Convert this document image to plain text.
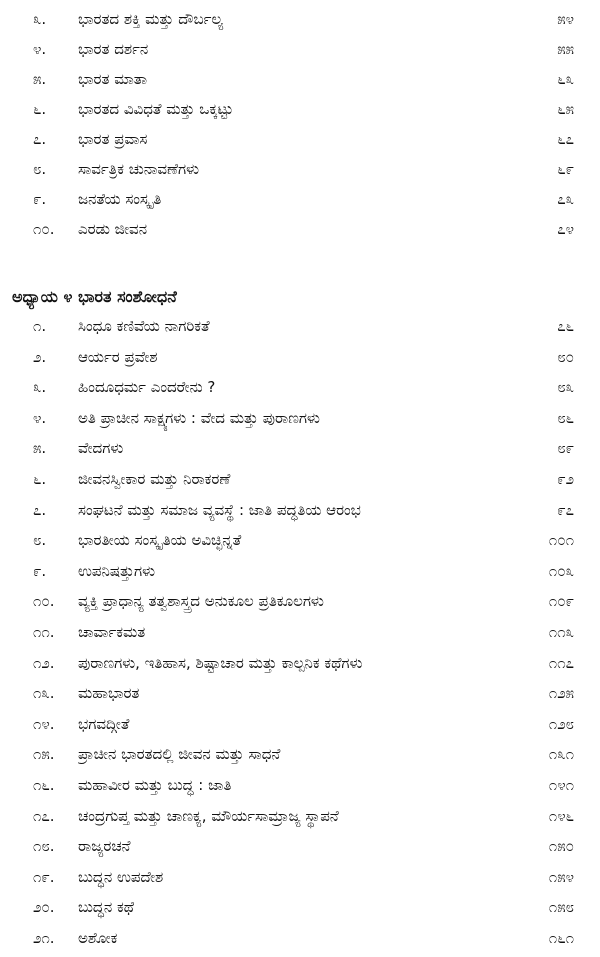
೩.	ಭಾರತದ ಶಕ್ತಿ ಮತ್ತು ದೌರ್ಬಲ್ಯ	೫೪
೪.	ಭಾರತ ದರ್ಶನ	೫೫
೫.	ಭಾರತ ಮಾತಾ	೬೩
೬.	ಭಾರತದ ವಿವಿಧತೆ ಮತ್ತು ಒಕ್ಕಟ್ಟು	೬೫
೭.	ಭಾರತ ಪ್ರವಾಸ	೬೭
೮.	ಸಾರ್ವತ್ರಿಕ ಚುನಾವಣೆಗಳು	೬೯
೯.	ಜನತೆಯ ಸಂಸ್ಕೃತಿ	೭೩
೧೦.	ಎರಡು ಜೀವನ	೭೪
ಅಧ್ಯಾಯ ೪ ಭಾರತ ಸಂಶೋಧನೆ
೧.	ಸಿಂಧೂ ಕಣಿವೆಯ ನಾಗರಿಕತೆ	೭೬
೨.	ಆರ್ಯರ ಪ್ರವೇಶ	೮೦
೩.	ಹಿಂದೂಧರ್ಮ ಎಂದರೇನು ?	೮೩
೪.	ಅತಿ ಪ್ರಾಚೀನ ಸಾಕ್ಷ್ಯಗಳು : ವೇದ ಮತ್ತು ಪುರಾಣಗಳು	೮೬
೫.	ವೇದಗಳು	೮೯
೬.	ಜೀವನಸ್ವೀಕಾರ ಮತ್ತು ನಿರಾಕರಣೆ	೯೨
೭.	ಸಂಘಟನೆ ಮತ್ತು ಸಮಾಜ ವ್ಯವಸ್ಥೆ : ಜಾತಿ ಪದ್ಧತಿಯ ಆರಂಭ	೯೭
೮.	ಭಾರತೀಯ ಸಂಸ್ಕೃತಿಯ ಅವಿಚ್ಛಿನ್ನತೆ	೧೦೧
೯.	ಉಪನಿಷತ್ತುಗಳು	೧೦೩
೧೦.	ವ್ಯಕ್ತಿ ಪ್ರಾಧಾನ್ಯ ತತ್ವಶಾಸ್ತ್ರದ ಅನುಕೂಲ ಪ್ರತಿಕೂಲಗಳು	೧೦೯
೧೧.	ಚಾರ್ವಾಕಮತ	೧೧೩
೧೨.	ಪುರಾಣಗಳು, ಇತಿಹಾಸ, ಶಿಷ್ಟಾಚಾರ ಮತ್ತು ಕಾಲ್ಪನಿಕ ಕಥೆಗಳು	೧೧೭
೧೩.	ಮಹಾಭಾರತ	೧೨೫
೧೪.	ಭಗವದ್ಗೀತೆ	೧೨೮
೧೫.	ಪ್ರಾಚೀನ ಭಾರತದಲ್ಲಿ ಜೀವನ ಮತ್ತು ಸಾಧನೆ	೧೩೧
೧೬.	ಮಹಾವೀರ ಮತ್ತು ಬುದ್ಧ : ಜಾತಿ	೧೪೧
೧೭.	ಚಂದ್ರಗುಪ್ತ ಮತ್ತು ಚಾಣಕ್ಯ, ಮೌರ್ಯಸಾಮ್ರಾಜ್ಯ ಸ್ಥಾಪನೆ	೧೪೬
೧೮.	ರಾಜ್ಯರಚನೆ	೧೫೦
೧೯.	ಬುದ್ಧನ ಉಪದೇಶ	೧೫೪
೨೦.	ಬುದ್ಧನ ಕಥೆ	೧೫೮
೨೧.	ಅಶೋಕ	೧೬೧
